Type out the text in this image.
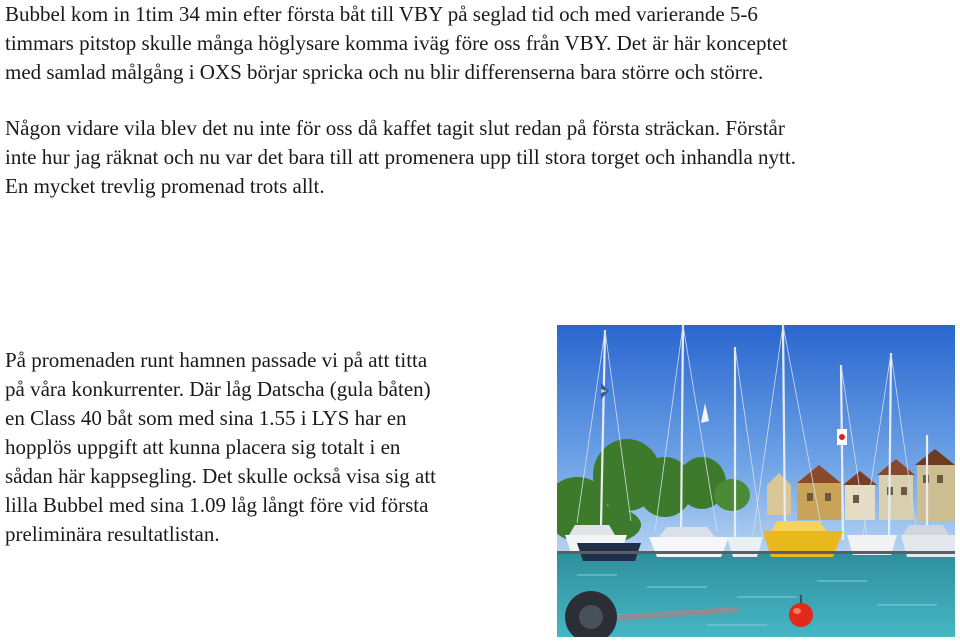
Bubbel kom in 1tim 34 min efter första båt till VBY på seglad tid och med varierande 5-6
timmars pitstop skulle många höglysare komma iväg före oss från VBY. Det är här konceptet
med samlad målgång i OXS börjar spricka och nu blir differenserna bara större och större.
Någon vidare vila blev det nu inte för oss då kaffet tagit slut redan på första sträckan. Förstår
inte hur jag räknat och nu var det bara till att promenera upp till stora torget och inhandla nytt.
En mycket trevlig promenad trots allt.
På promenaden runt hamnen passade vi på att titta
på våra konkurrenter. Där låg Datscha (gula båten)
en Class 40 båt som med sina 1.55 i LYS har en
hopplös uppgift att kunna placera sig totalt i en
sådan här kappsegling. Det skulle också visa sig att
lilla Bubbel med sina 1.09 låg långt före vid första
preliminära resultatlistan.
